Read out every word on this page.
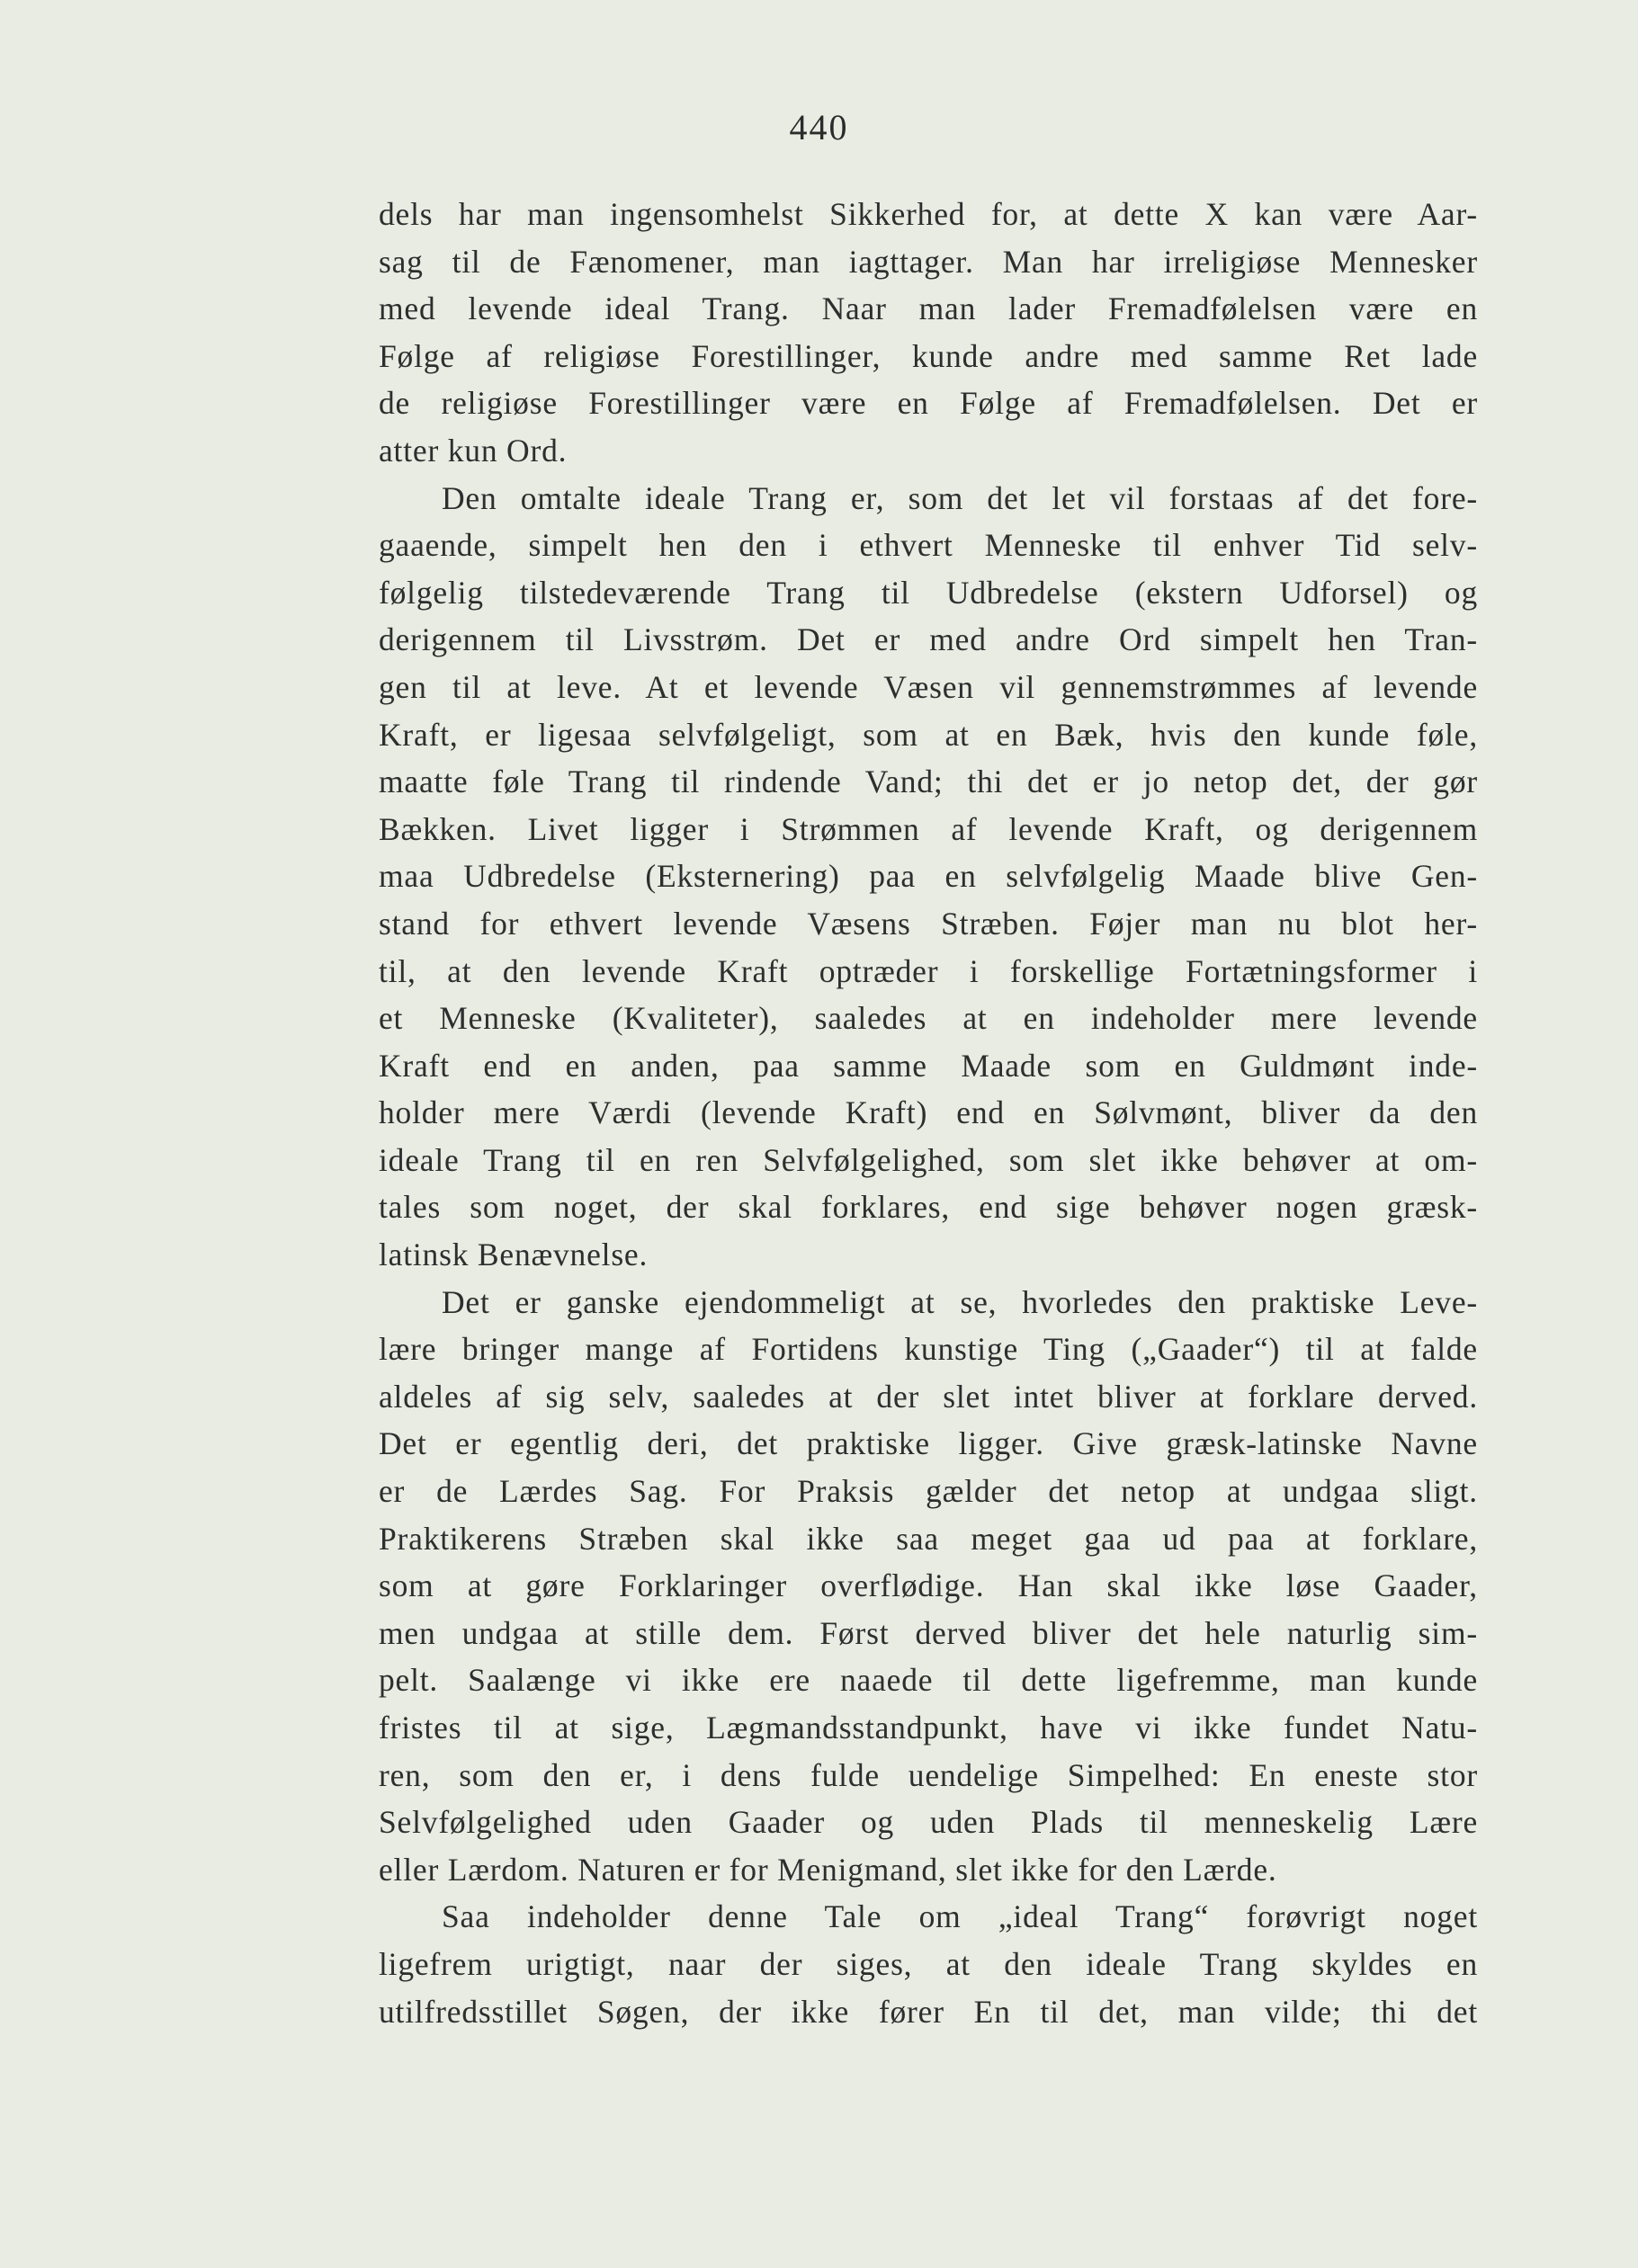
440
dels har man ingensomhelst Sikkerhed for, at dette X kan være Aar-
sag til de Fænomener, man iagttager. Man har irreligiøse Mennesker
med levende ideal Trang. Naar man lader Fremadfølelsen være en
Følge af religiøse Forestillinger, kunde andre med samme Ret lade
de religiøse Forestillinger være en Følge af Fremadfølelsen. Det er
atter kun Ord.
Den omtalte ideale Trang er, som det let vil forstaas af det fore-
gaaende, simpelt hen den i ethvert Menneske til enhver Tid selv-
følgelig tilstedeværende Trang til Udbredelse (ekstern Udforsel) og
derigennem til Livsstrøm. Det er med andre Ord simpelt hen Tran-
gen til at leve. At et levende Væsen vil gennemstrømmes af levende
Kraft, er ligesaa selvfølgeligt, som at en Bæk, hvis den kunde føle,
maatte føle Trang til rindende Vand; thi det er jo netop det, der gør
Bækken. Livet ligger i Strømmen af levende Kraft, og derigennem
maa Udbredelse (Eksternering) paa en selvfølgelig Maade blive Gen-
stand for ethvert levende Væsens Stræben. Føjer man nu blot her-
til, at den levende Kraft optræder i forskellige Fortætningsformer i
et Menneske (Kvaliteter), saaledes at en indeholder mere levende
Kraft end en anden, paa samme Maade som en Guldmønt inde-
holder mere Værdi (levende Kraft) end en Sølvmønt, bliver da den
ideale Trang til en ren Selvfølgelighed, som slet ikke behøver at om-
tales som noget, der skal forklares, end sige behøver nogen græsk-
latinsk Benævnelse.
Det er ganske ejendommeligt at se, hvorledes den praktiske Leve-
lære bringer mange af Fortidens kunstige Ting („Gaader“) til at falde
aldeles af sig selv, saaledes at der slet intet bliver at forklare derved.
Det er egentlig deri, det praktiske ligger. Give græsk-latinske Navne
er de Lærdes Sag. For Praksis gælder det netop at undgaa sligt.
Praktikerens Stræben skal ikke saa meget gaa ud paa at forklare,
som at gøre Forklaringer overflødige. Han skal ikke løse Gaader,
men undgaa at stille dem. Først derved bliver det hele naturlig sim-
pelt. Saalænge vi ikke ere naaede til dette ligefremme, man kunde
fristes til at sige, Lægmandsstandpunkt, have vi ikke fundet Natu-
ren, som den er, i dens fulde uendelige Simpelhed: En eneste stor
Selvfølgelighed uden Gaader og uden Plads til menneskelig Lære
eller Lærdom. Naturen er for Menigmand, slet ikke for den Lærde.
Saa indeholder denne Tale om „ideal Trang“ forøvrigt noget
ligefrem urigtigt, naar der siges, at den ideale Trang skyldes en
utilfredsstillet Søgen, der ikke fører En til det, man vilde; thi det
